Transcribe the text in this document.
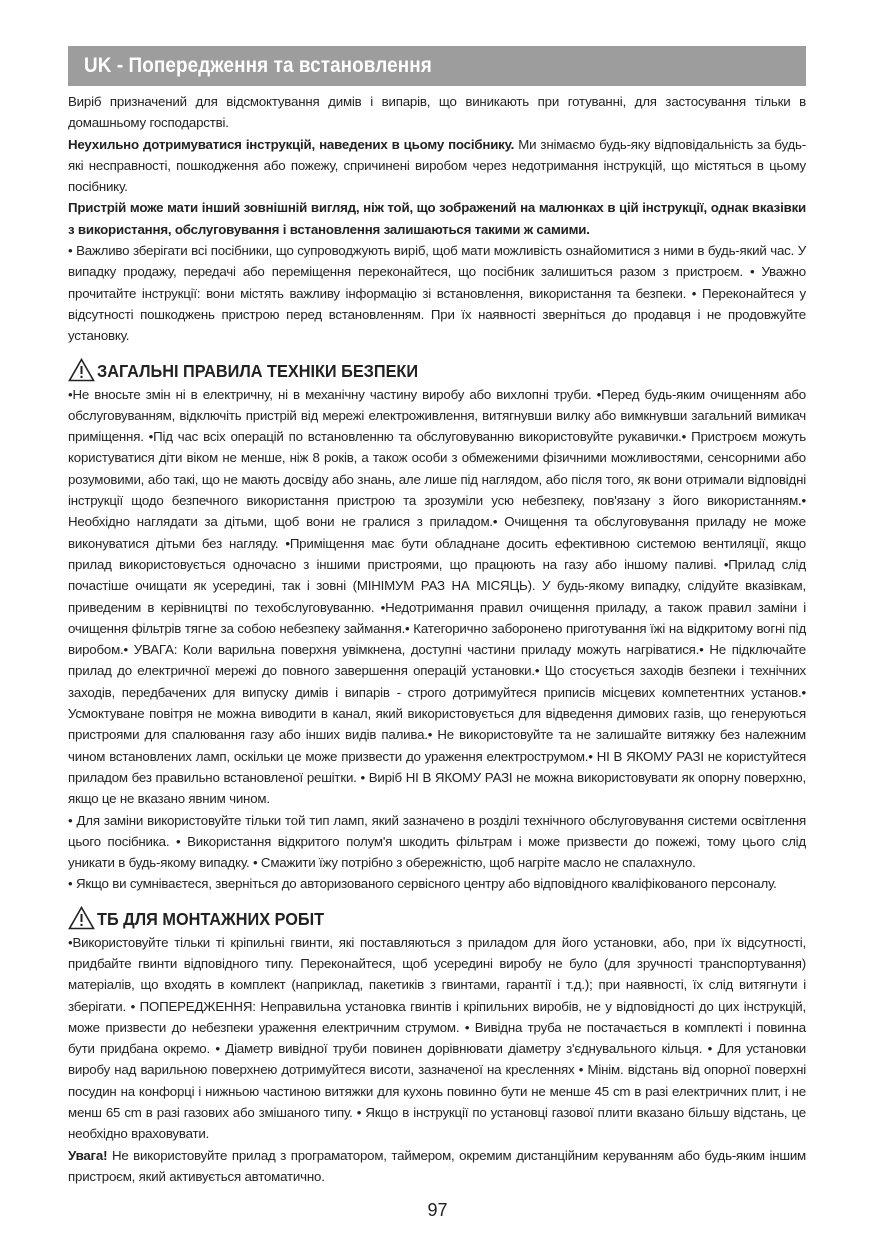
UK - Попередження та встановлення

Виріб призначений для відсмоктування димів і випарів, що виникають при готуванні, для застосування тільки в домашньому господарстві.

Неухильно дотримуватися інструкцій, наведених в цьому посібнику. Ми знімаємо будь-яку відповідальність за будь-які несправності, пошкодження або пожежу, спричинені виробом через недотримання інструкцій, що містяться в цьому посібнику.

Пристрій може мати інший зовнішній вигляд, ніж той, що зображений на малюнках в цій інструкції, однак вказівки з використання, обслуговування і встановлення залишаються такими ж самими.

• Важливо зберігати всі посібники, що супроводжують виріб, щоб мати можливість ознайомитися з ними в будь-який час. У випадку продажу, передачі або переміщення переконайтеся, що посібник залишиться разом з пристроєм. • Уважно прочитайте інструкції: вони містять важливу інформацію зі встановлення, використання та безпеки. • Переконайтеся у відсутності пошкоджень пристрою перед встановленням. При їх наявності зверніться до продавця і не продовжуйте установку.

ЗАГАЛЬНІ ПРАВИЛА ТЕХНІКИ БЕЗПЕКИ

•Не вносьте змін ні в електричну, ні в механічну частину виробу або вихлопні труби. •Перед будь-яким очищенням або обслуговуванням, відключіть пристрій від мережі електроживлення, витягнувши вилку або вимкнувши загальний вимикач приміщення. •Під час всіх операцій по встановленню та обслуговуванню використовуйте рукавички.• Пристроєм можуть користуватися діти віком не менше, ніж 8 років, а також особи з обмеженими фізичними можливостями, сенсорними або розумовими, або такі, що не мають досвіду або знань, але лише під наглядом, або після того, як вони отримали відповідні інструкції щодо безпечного використання пристрою та зрозуміли усю небезпеку, пов'язану з його використанням.• Необхідно наглядати за дітьми, щоб вони не гралися з приладом.• Очищення та обслуговування приладу не може виконуватися дітьми без нагляду. •Приміщення має бути обладнане досить ефективною системою вентиляції, якщо прилад використовується одночасно з іншими пристроями, що працюють на газу або іншому паливі. •Прилад слід почастіше очищати як усередині, так і зовні (МІНІМУМ РАЗ НА МІСЯЦЬ). У будь-якому випадку, слідуйте вказівкам, приведеним в керівництві по техобслуговуванню. •Недотримання правил очищення приладу, а також правил заміни і очищення фільтрів тягне за собою небезпеку займання.• Категорично заборонено приготування їжі на відкритому вогні під виробом.• УВАГА: Коли варильна поверхня увімкнена, доступні частини приладу можуть нагріватися.• Не підключайте прилад до електричної мережі до повного завершення операцій установки.• Що стосується заходів безпеки і технічних заходів, передбачених для випуску димів і випарів - строго дотримуйтеся приписів місцевих компетентних установ.• Усмоктуване повітря не можна виводити в канал, який використовується для відведення димових газів, що генеруються пристроями для спалювання газу або інших видів палива.• Не використовуйте та не залишайте витяжку без належним чином встановлених ламп, оскільки це може призвести до ураження електрострумом.• НІ В ЯКОМУ РАЗІ не користуйтеся приладом без правильно встановленої решітки. • Виріб НІ В ЯКОМУ РАЗІ не можна використовувати як опорну поверхню, якщо це не вказано явним чином.

• Для заміни використовуйте тільки той тип ламп, який зазначено в розділі технічного обслуговування системи освітлення цього посібника. • Використання відкритого полум'я шкодить фільтрам і може призвести до пожежі, тому цього слід уникати в будь-якому випадку. • Смажити їжу потрібно з обережністю, щоб нагріте масло не спалахнуло.

• Якщо ви сумніваєтеся, зверніться до авторизованого сервісного центру або відповідного кваліфікованого персоналу.

ТБ ДЛЯ МОНТАЖНИХ РОБІТ

•Використовуйте тільки ті кріпильні гвинти, які поставляються з приладом для його установки, або, при їх відсутності, придбайте гвинти відповідного типу. Переконайтеся, щоб усередині виробу не було (для зручності транспортування) матеріалів, що входять в комплект (наприклад, пакетиків з гвинтами, гарантії і т.д.); при наявності, їх слід витягнути і зберігати. • ПОПЕРЕДЖЕННЯ: Неправильна установка гвинтів і кріпильних виробів, не у відповідності до цих інструкцій, може призвести до небезпеки ураження електричним струмом. • Вивідна труба не постачається в комплекті і повинна бути придбана окремо. • Діаметр вивідної труби повинен дорівнювати діаметру з'єднувального кільця. • Для установки виробу над варильною поверхнею дотримуйтеся висоти, зазначеної на кресленнях • Мінім. відстань від опорної поверхні посудин на конфорці і нижньою частиною витяжки для кухонь повинно бути не менше 45 cm в разі електричних плит, і не менш 65 cm в разі газових або змішаного типу. • Якщо в інструкції по установці газової плити вказано більшу відстань, це необхідно враховувати.

Увага! Не використовуйте прилад з програматором, таймером, окремим дистанційним керуванням або будь-яким іншим пристроєм, який активується автоматично.

97
